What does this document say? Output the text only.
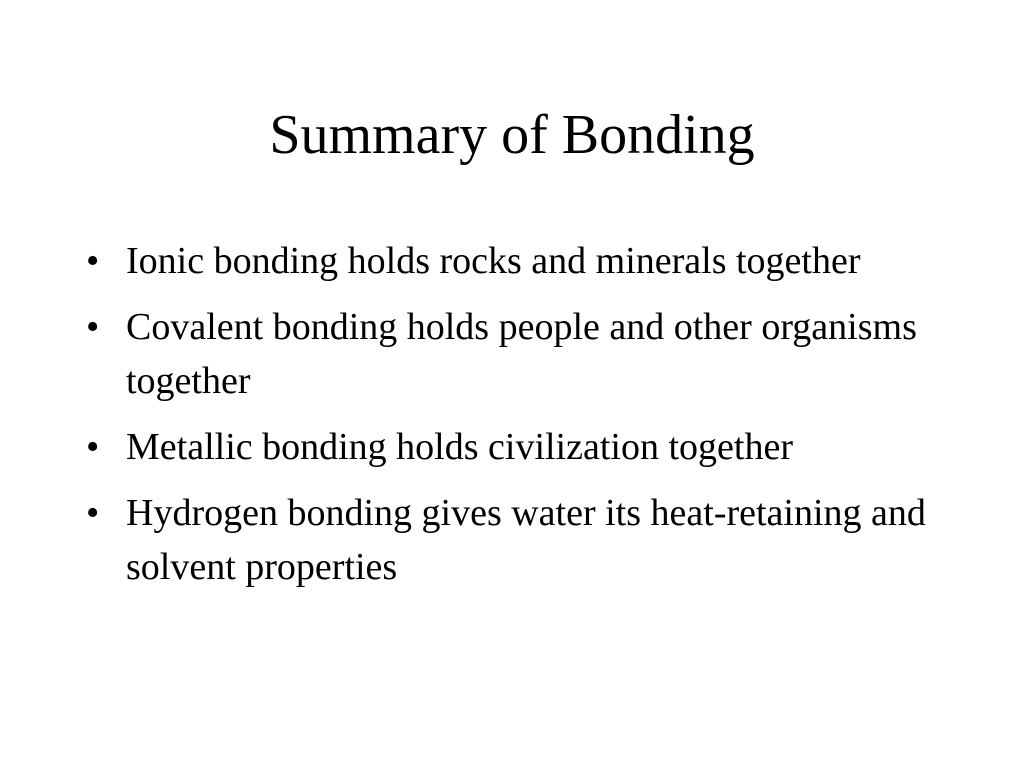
Summary of Bonding
• Ionic bonding holds rocks and minerals together
• Covalent bonding holds people and other organisms together
• Metallic bonding holds civilization together
• Hydrogen bonding gives water its heat-retaining and solvent properties
